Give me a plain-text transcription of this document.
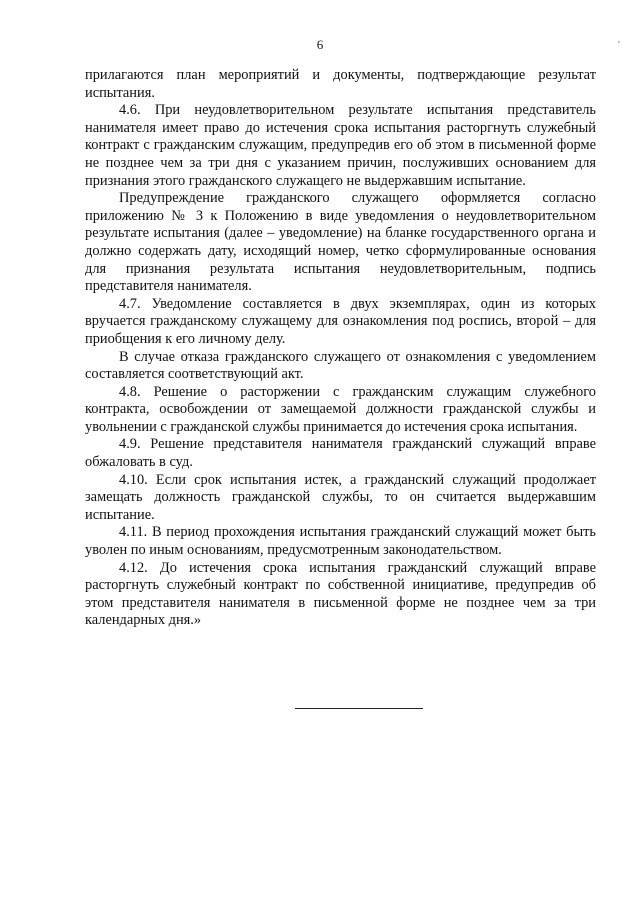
6	'

прилагаются план мероприятий и документы, подтверждающие результат испытания.

4.6. При неудовлетворительном результате испытания представитель нанимателя имеет право до истечения срока испытания расторгнуть служебный контракт с гражданским служащим, предупредив его об этом в письменной форме не позднее чем за три дня с указанием причин, послуживших основанием для признания этого гражданского служащего не выдержавшим испытание.

Предупреждение гражданского служащего оформляется согласно приложению № 3 к Положению в виде уведомления о неудовлетворительном результате испытания (далее – уведомление) на бланке государственного органа и должно содержать дату, исходящий номер, четко сформулированные основания для признания результата испытания неудовлетворительным, подпись представителя нанимателя.

4.7. Уведомление составляется в двух экземплярах, один из которых вручается гражданскому служащему для ознакомления под роспись, второй – для приобщения к его личному делу.

В случае отказа гражданского служащего от ознакомления с уведомлением составляется соответствующий акт.

4.8. Решение о расторжении с гражданским служащим служебного контракта, освобождении от замещаемой должности гражданской службы и увольнении с гражданской службы принимается до истечения срока испытания.

4.9. Решение представителя нанимателя гражданский служащий вправе обжаловать в суд.

4.10. Если срок испытания истек, а гражданский служащий продолжает замещать должность гражданской службы, то он считается выдержавшим испытание.

4.11. В период прохождения испытания гражданский служащий может быть уволен по иным основаниям, предусмотренным законодательством.

4.12. До истечения срока испытания гражданский служащий вправе расторгнуть служебный контракт по собственной инициативе, предупредив об этом представителя нанимателя в письменной форме не позднее чем за три календарных дня.»
